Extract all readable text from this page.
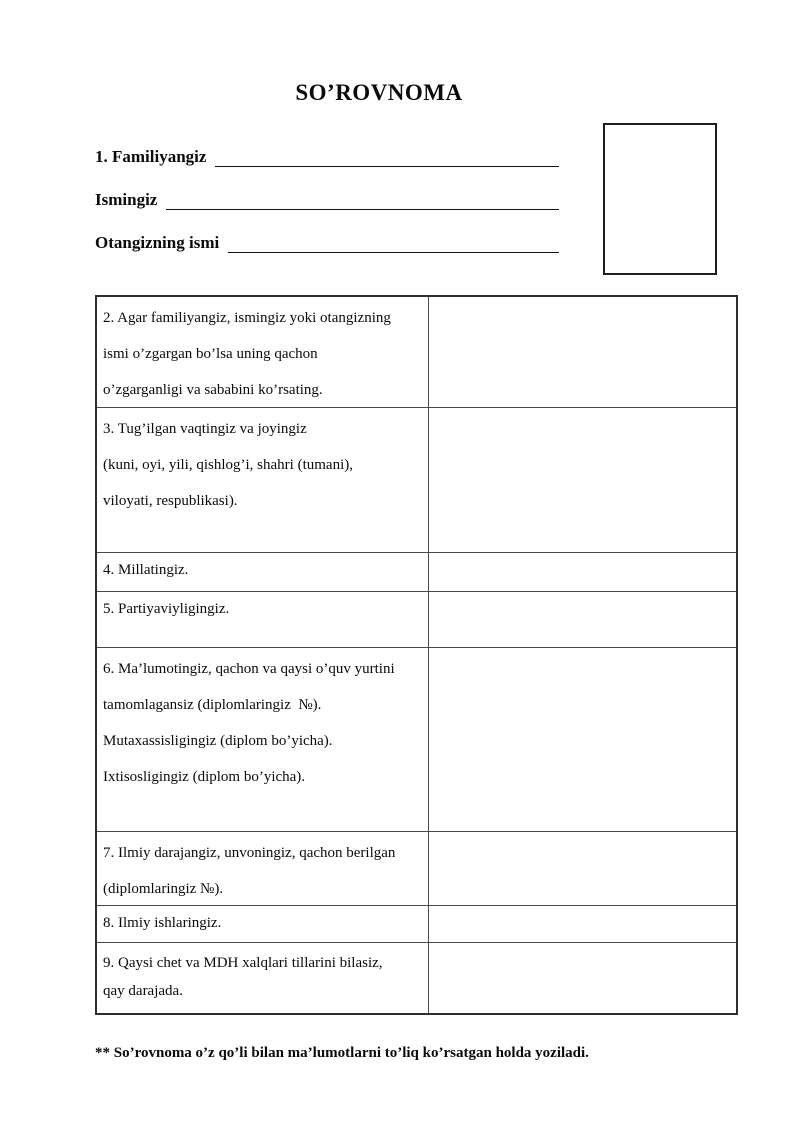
SO’ROVNOMA
1. Familiyangiz
Ismingiz
Otangizning ismi
2. Agar familiyangiz, ismingiz yoki otangizning
ismi o’zgargan bo’lsa uning qachon
o’zgarganligi va sababini ko’rsating.
3. Tug’ilgan vaqtingiz va joyingiz
(kuni, oyi, yili, qishlog’i, shahri (tumani),
viloyati, respublikasi).
4. Millatingiz.
5. Partiyaviyligingiz.
6. Ma’lumotingiz, qachon va qaysi o’quv yurtini
tamomlagansiz (diplomlaringiz  №).
Mutaxassisligingiz (diplom bo’yicha).
Ixtisosligingiz (diplom bo’yicha).
7. Ilmiy darajangiz, unvoningiz, qachon berilgan
(diplomlaringiz №).
8. Ilmiy ishlaringiz.
9. Qaysi chet va MDH xalqlari tillarini bilasiz,
qay darajada.
** So’rovnoma o’z qo’li bilan ma’lumotlarni to’liq ko’rsatgan holda yoziladi.
